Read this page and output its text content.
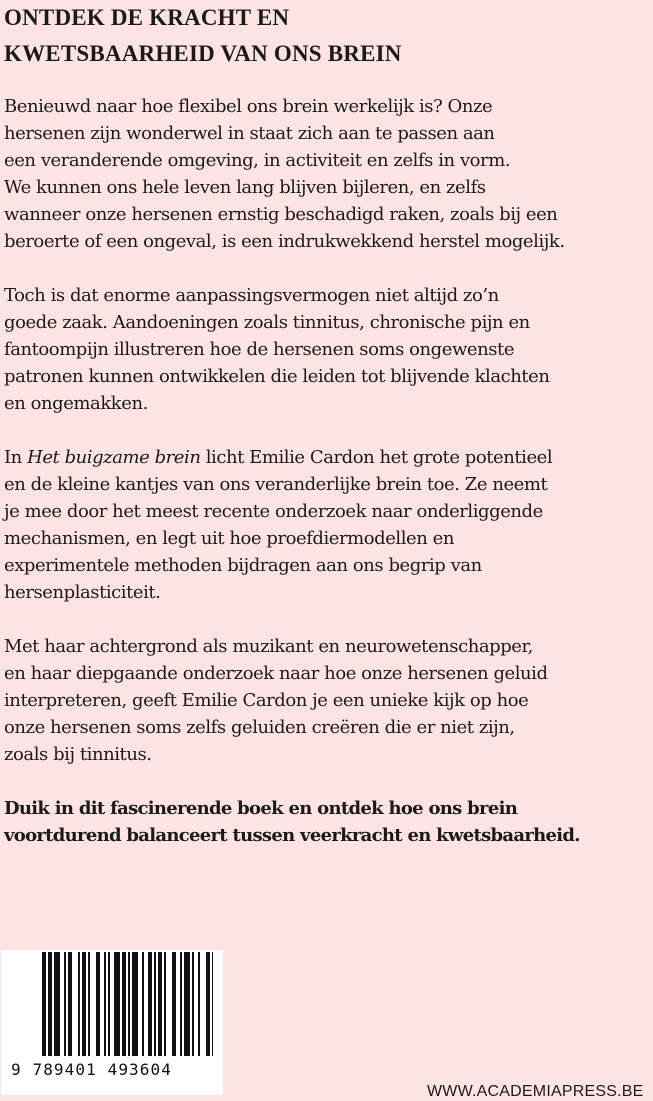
ONTDEK DE KRACHT EN
KWETSBAARHEID VAN ONS BREIN

Benieuwd naar hoe flexibel ons brein werkelijk is? Onze
hersenen zijn wonderwel in staat zich aan te passen aan
een veranderende omgeving, in activiteit en zelfs in vorm.
We kunnen ons hele leven lang blijven bijleren, en zelfs
wanneer onze hersenen ernstig beschadigd raken, zoals bij een
beroerte of een ongeval, is een indrukwekkend herstel mogelijk.

Toch is dat enorme aanpassingsvermogen niet altijd zo’n
goede zaak. Aandoeningen zoals tinnitus, chronische pijn en
fantoompijn illustreren hoe de hersenen soms ongewenste
patronen kunnen ontwikkelen die leiden tot blijvende klachten
en ongemakken.

In Het buigzame brein licht Emilie Cardon het grote potentieel
en de kleine kantjes van ons veranderlijke brein toe. Ze neemt
je mee door het meest recente onderzoek naar onderliggende
mechanismen, en legt uit hoe proefdiermodellen en
experimentele methoden bijdragen aan ons begrip van
hersenplasticiteit.

Met haar achtergrond als muzikant en neurowetenschapper,
en haar diepgaande onderzoek naar hoe onze hersenen geluid
interpreteren, geeft Emilie Cardon je een unieke kijk op hoe
onze hersenen soms zelfs geluiden creëren die er niet zijn,
zoals bij tinnitus.

Duik in dit fascinerende boek en ontdek hoe ons brein
voortdurend balanceert tussen veerkracht en kwetsbaarheid.

9 789401 493604
WWW.ACADEMIAPRESS.BE
